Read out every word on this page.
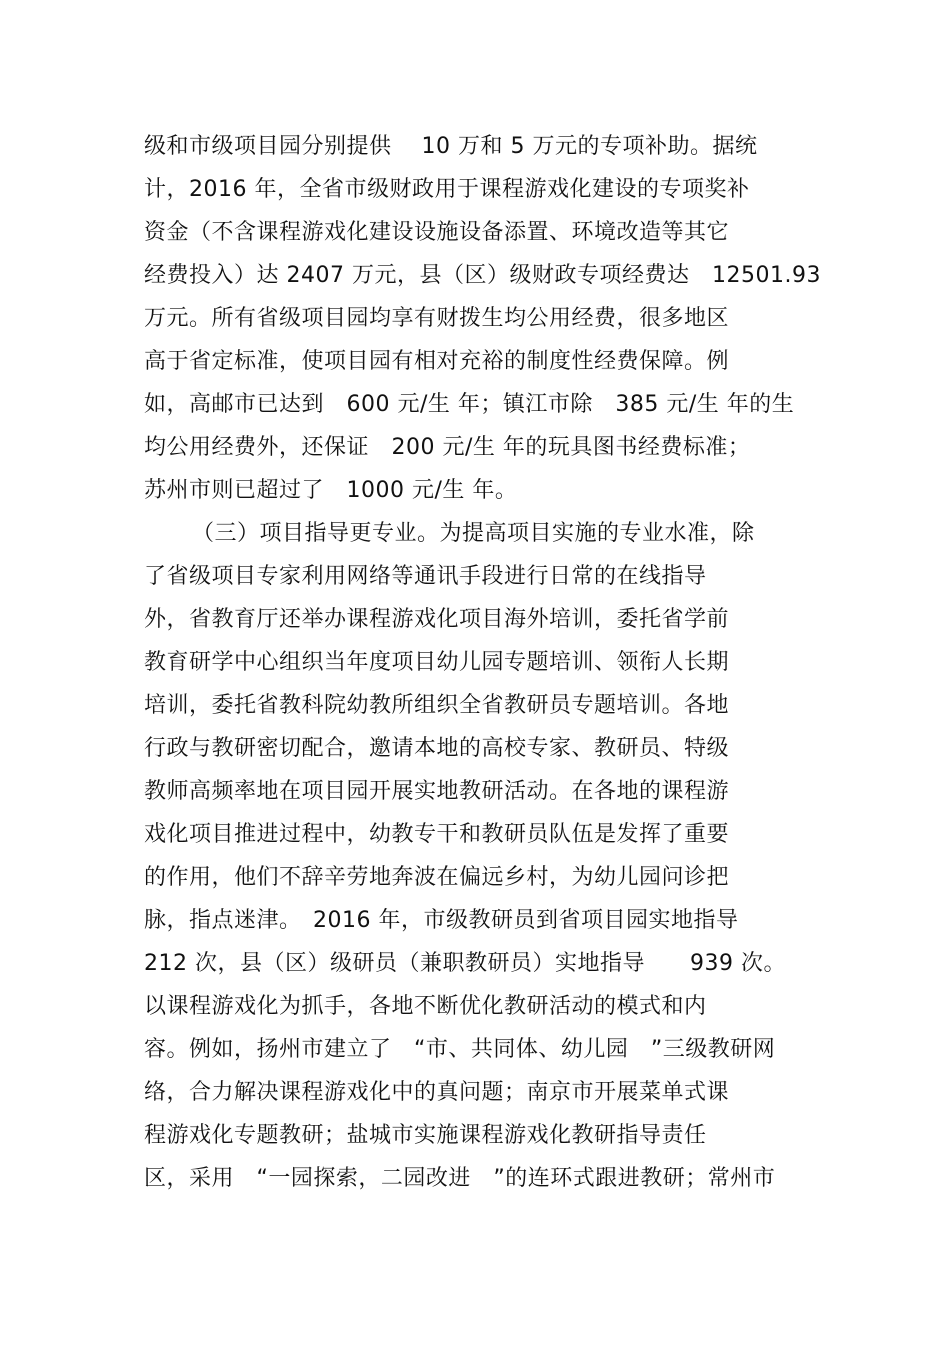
级和市级项目园分别提供　 10 万和 5 万元的专项补助。据统
计，2016 年，全省市级财政用于课程游戏化建设的专项奖补
资金（不含课程游戏化建设设施设备添置、环境改造等其它
经费投入）达 2407 万元，县（区）级财政专项经费达　12501.93
万元。所有省级项目园均享有财拨生均公用经费，很多地区
高于省定标准，使项目园有相对充裕的制度性经费保障。例
如，高邮市已达到　600 元/生 年；镇江市除　385 元/生 年的生
均公用经费外，还保证　200 元/生 年的玩具图书经费标准；
苏州市则已超过了　1000 元/生 年。
（三）项目指导更专业。为提高项目实施的专业水准，除
了省级项目专家利用网络等通讯手段进行日常的在线指导
外，省教育厅还举办课程游戏化项目海外培训，委托省学前
教育研学中心组织当年度项目幼儿园专题培训、领衔人长期
培训，委托省教科院幼教所组织全省教研员专题培训。各地
行政与教研密切配合，邀请本地的高校专家、教研员、特级
教师高频率地在项目园开展实地教研活动。在各地的课程游
戏化项目推进过程中，幼教专干和教研员队伍是发挥了重要
的作用，他们不辞辛劳地奔波在偏远乡村，为幼儿园问诊把
脉，指点迷津。　2016 年，市级教研员到省项目园实地指导
212 次，县（区）级研员（兼职教研员）实地指导　　939 次。
以课程游戏化为抓手，各地不断优化教研活动的模式和内
容。例如，扬州市建立了　“市、共同体、幼儿园　”三级教研网
络，合力解决课程游戏化中的真问题；南京市开展菜单式课
程游戏化专题教研；盐城市实施课程游戏化教研指导责任
区，采用　“一园探索，二园改进　”的连环式跟进教研；常州市
